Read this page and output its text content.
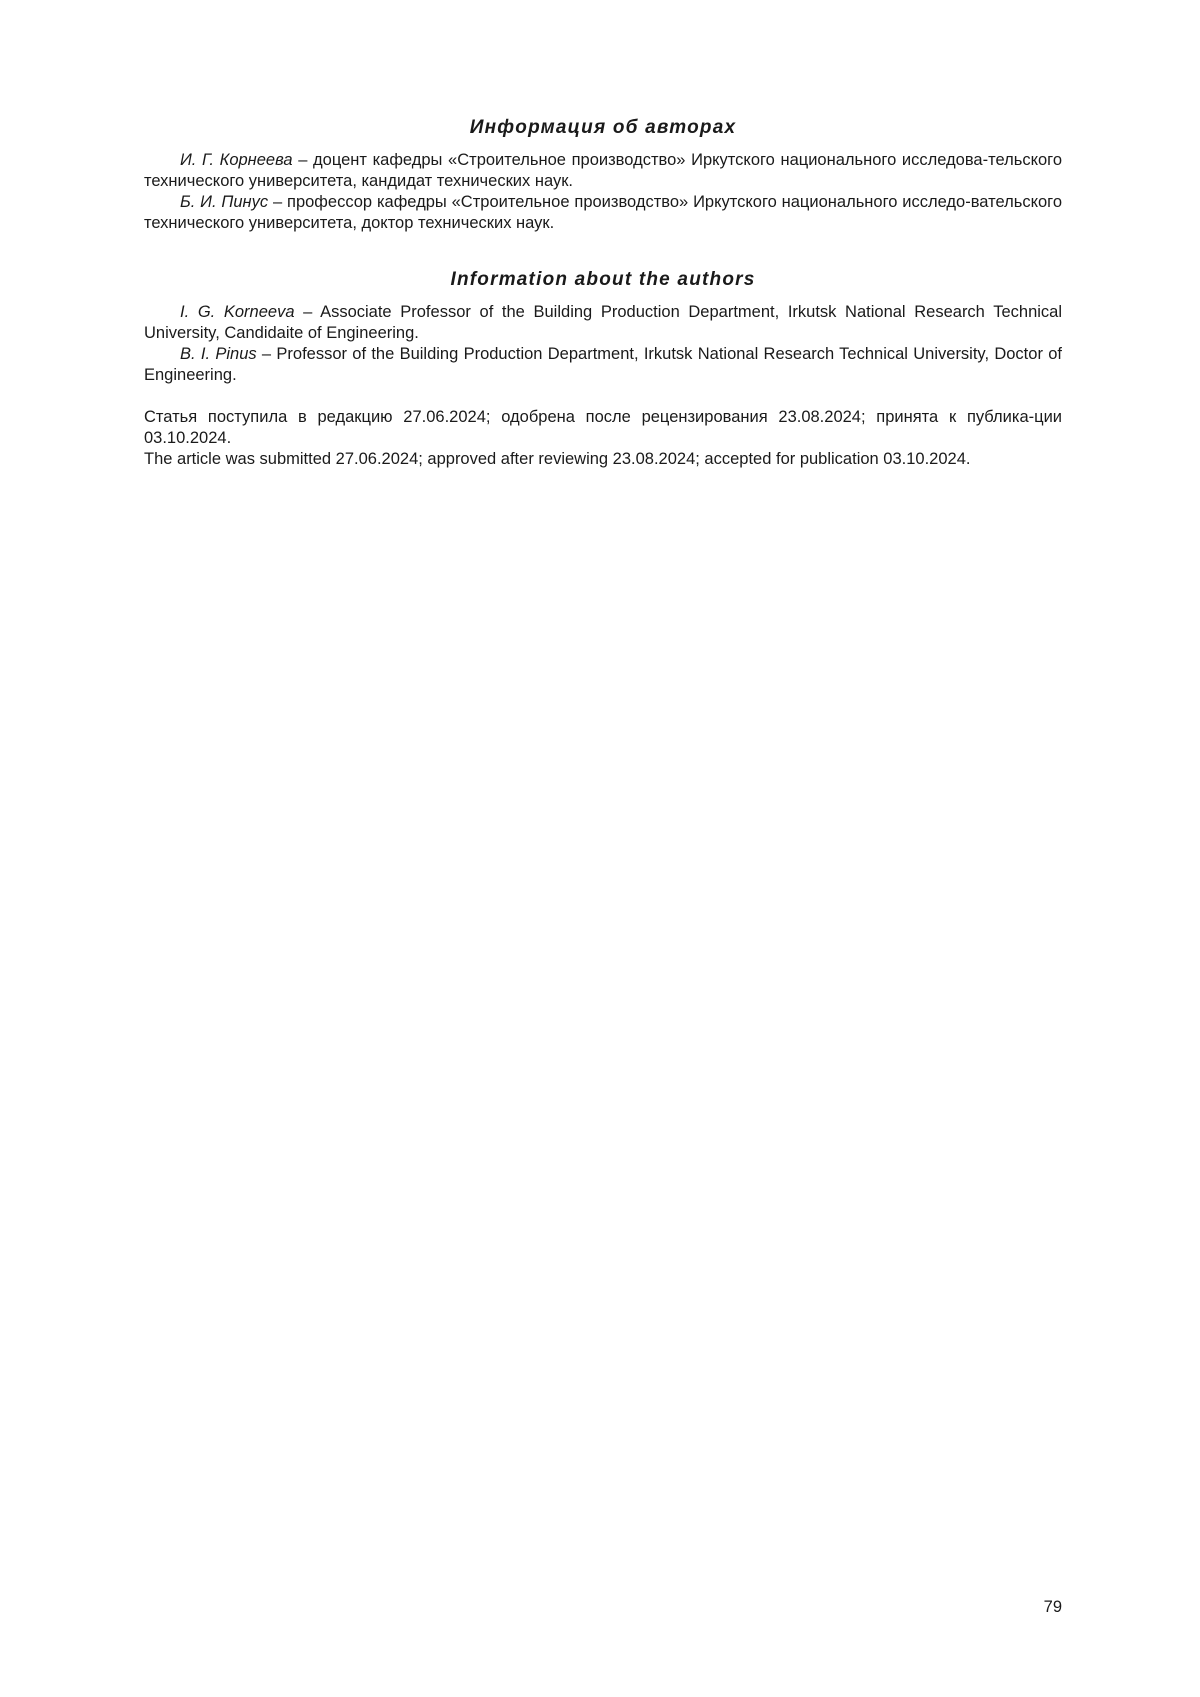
Информация об авторах

И. Г. Корнеева – доцент кафедры «Строительное производство» Иркутского национального исследова-тельского технического университета, кандидат технических наук.

Б. И. Пинус – профессор кафедры «Строительное производство» Иркутского национального исследо-вательского технического университета, доктор технических наук.

Information about the authors

I. G. Korneeva – Associate Professor of the Building Production Department, Irkutsk National Research Technical University, Candidaite of Engineering.

B. I. Pinus – Professor of the Building Production Department, Irkutsk National Research Technical University, Doctor of Engineering.

Статья поступила в редакцию 27.06.2024; одобрена после рецензирования 23.08.2024; принята к публика-ции 03.10.2024.

The article was submitted 27.06.2024; approved after reviewing 23.08.2024; accepted for publication 03.10.2024.

79
